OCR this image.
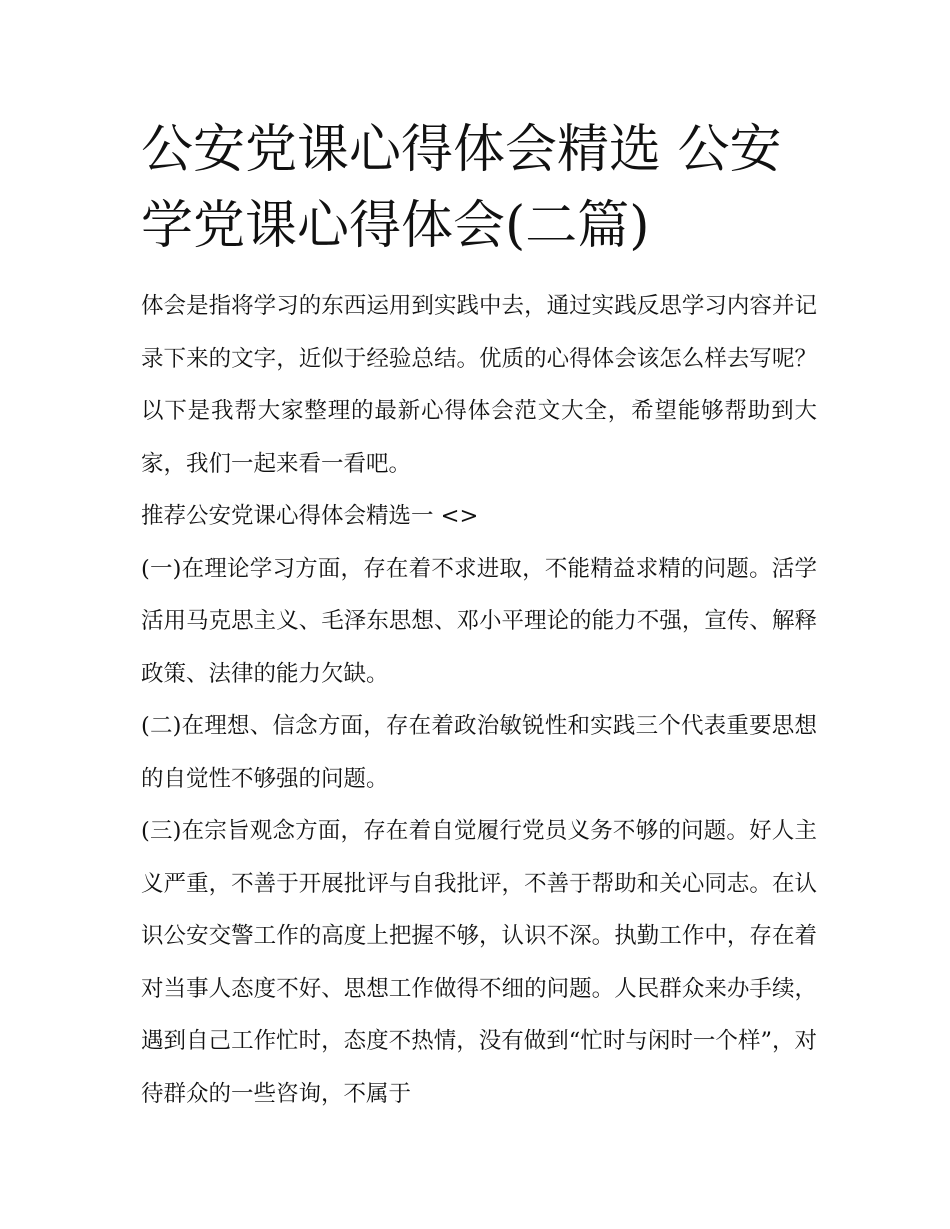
公安党课心得体会精选 公安学党课心得体会(二篇)

体会是指将学习的东西运用到实践中去，通过实践反思学习内容并记录下来的文字，近似于经验总结。优质的心得体会该怎么样去写呢？以下是我帮大家整理的最新心得体会范文大全，希望能够帮助到大家，我们一起来看一看吧。

推荐公安党课心得体会精选一 <>

(一)在理论学习方面，存在着不求进取，不能精益求精的问题。活学活用马克思主义、毛泽东思想、邓小平理论的能力不强，宣传、解释政策、法律的能力欠缺。

(二)在理想、信念方面，存在着政治敏锐性和实践三个代表重要思想的自觉性不够强的问题。

(三)在宗旨观念方面，存在着自觉履行党员义务不够的问题。好人主义严重，不善于开展批评与自我批评，不善于帮助和关心同志。在认识公安交警工作的高度上把握不够，认识不深。执勤工作中，存在着对当事人态度不好、思想工作做得不细的问题。人民群众来办手续，遇到自己工作忙时，态度不热情，没有做到“忙时与闲时一个样”，对待群众的一些咨询，不属于
